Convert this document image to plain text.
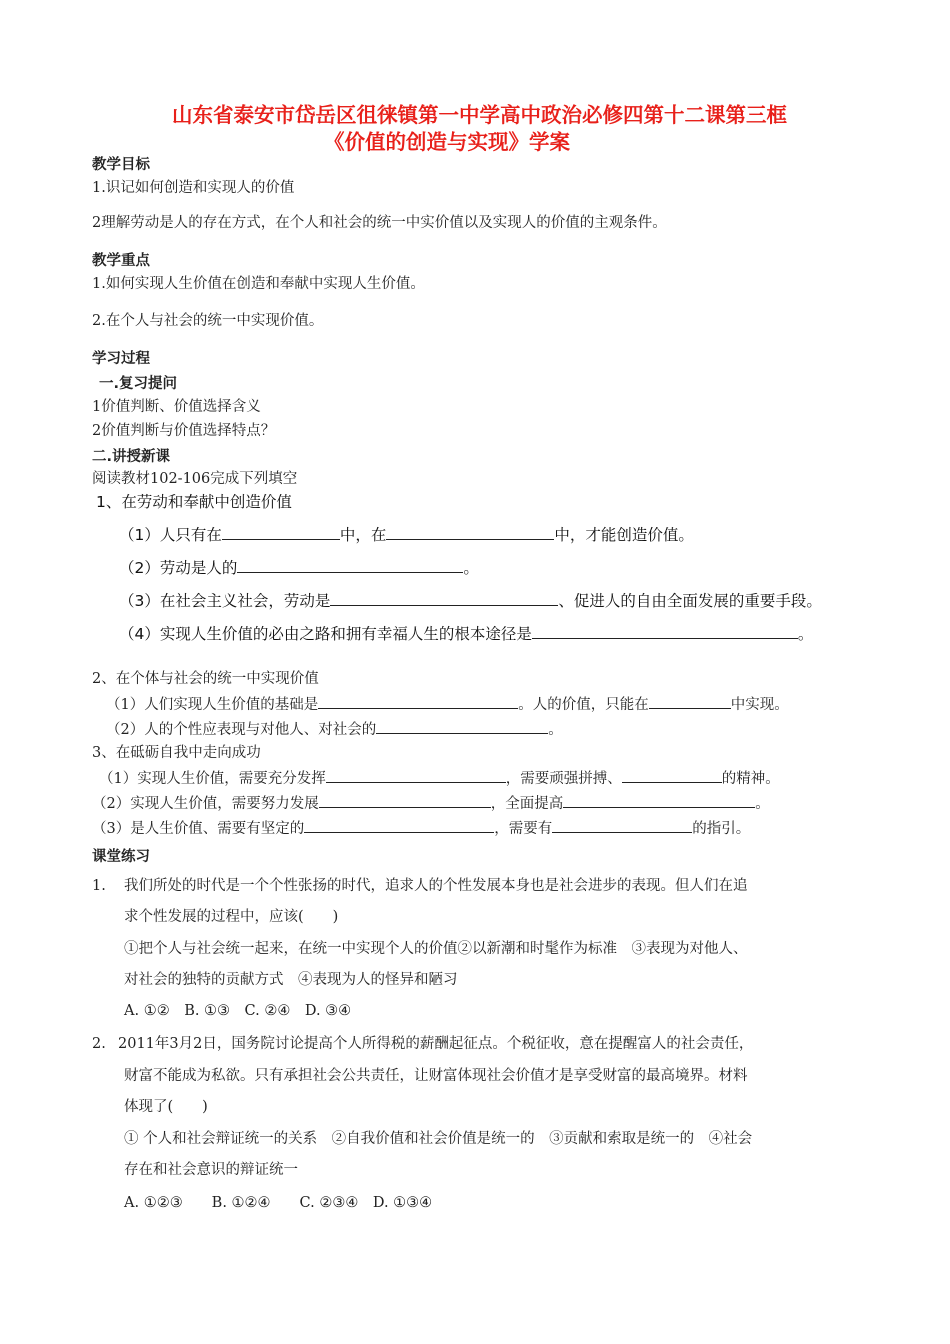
山东省泰安市岱岳区徂徕镇第一中学高中政治必修四第十二课第三框
《价值的创造与实现》学案
教学目标
1.识记如何创造和实现人的价值
2理解劳动是人的存在方式，在个人和社会的统一中实价值以及实现人的价值的主观条件。
教学重点
1.如何实现人生价值在创造和奉献中实现人生价值。
2.在个人与社会的统一中实现价值。
学习过程
一.复习提问
1价值判断、价值选择含义
2价值判断与价值选择特点？
二.讲授新课
阅读教材102-106完成下列填空
1、在劳动和奉献中创造价值
（1）人只有在	中，在	中，才能创造价值。
（2）劳动是人的	。
（3）在社会主义社会，劳动是	、促进人的自由全面发展的重要手段。
（4）实现人生价值的必由之路和拥有幸福人生的根本途径是	。
2、在个体与社会的统一中实现价值
（1）人们实现人生价值的基础是	。人的价值，只能在	中实现。
（2）人的个性应表现与对他人、对社会的	。
3、在砥砺自我中走向成功
（1）实现人生价值，需要充分发挥	，需要顽强拼搏、	的精神。
（2）实现人生价值，需要努力发展	，全面提高	。
（3）是人生价值、需要有坚定的	，需要有	的指引。
课堂练习
1. 我们所处的时代是一个个性张扬的时代，追求人的个性发展本身也是社会进步的表现。但人们在追
求个性发展的过程中，应该(　　)
①把个人与社会统一起来，在统一中实现个人的价值②以新潮和时髦作为标准　③表现为对他人、
对社会的独特的贡献方式　④表现为人的怪异和陋习
A. ①②　B. ①③　C. ②④　D. ③④
2. 2011年3月2日，国务院讨论提高个人所得税的薪酬起征点。个税征收，意在提醒富人的社会责任，
财富不能成为私欲。只有承担社会公共责任，让财富体现社会价值才是享受财富的最高境界。材料
体现了(　　)
① 个人和社会辩证统一的关系　②自我价值和社会价值是统一的　③贡献和索取是统一的　④社会
存在和社会意识的辩证统一
A. ①②③　　B. ①②④　　C. ②③④　D. ①③④
